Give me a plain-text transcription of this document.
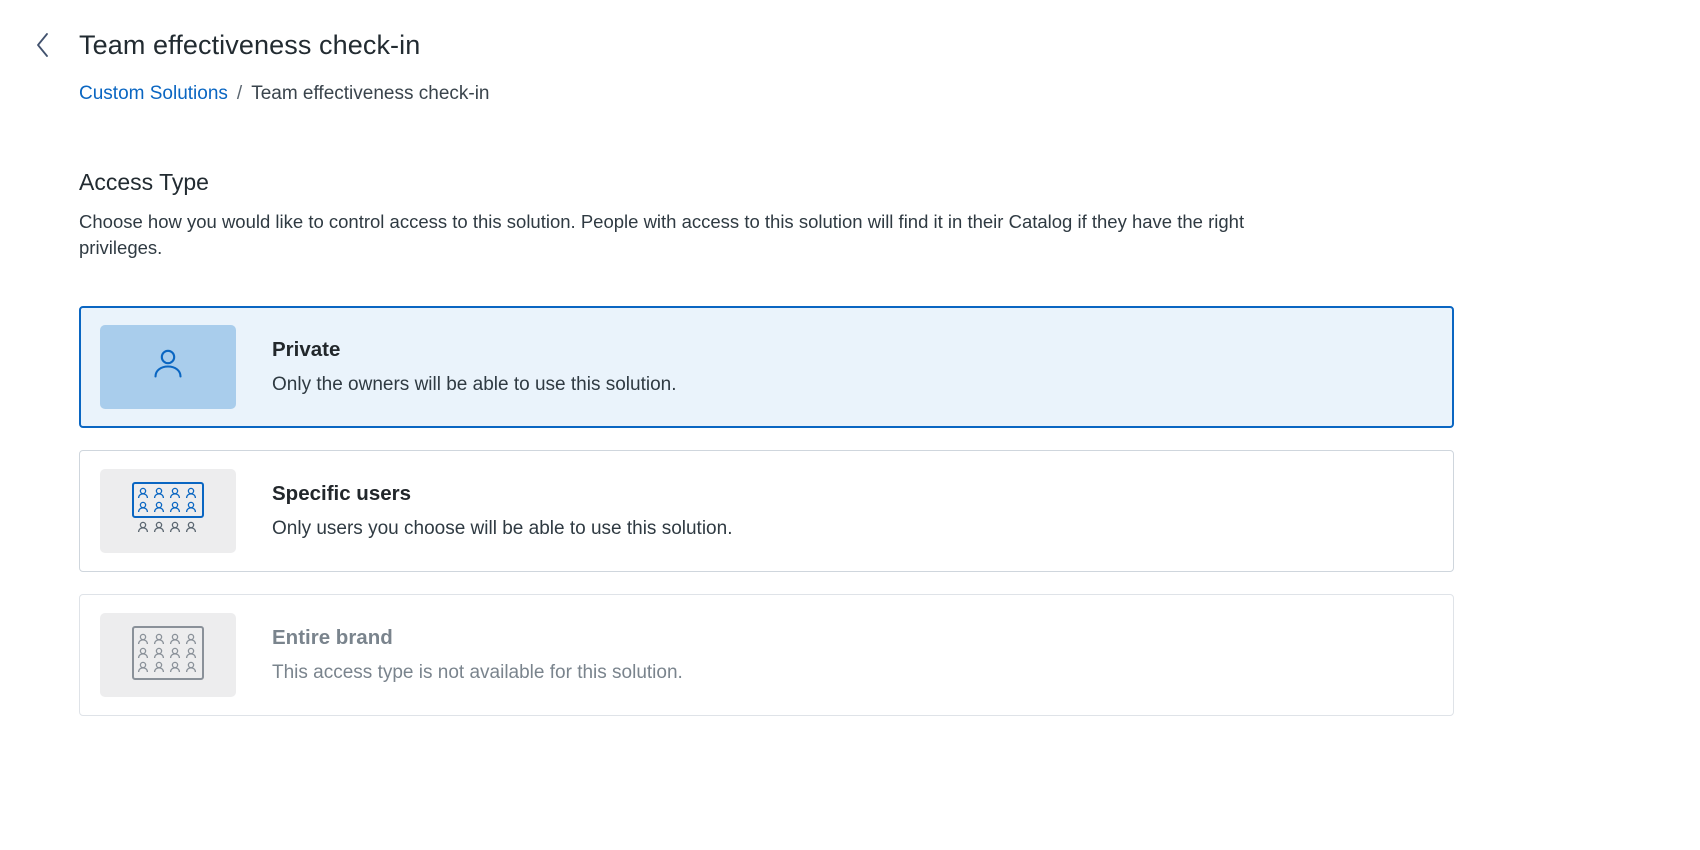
Team effectiveness check-in
Custom Solutions / Team effectiveness check-in
Access Type
Choose how you would like to control access to this solution. People with access to this solution will find it in their Catalog if they have the right privileges.
Private
Only the owners will be able to use this solution.
Specific users
Only users you choose will be able to use this solution.
Entire brand
This access type is not available for this solution.
